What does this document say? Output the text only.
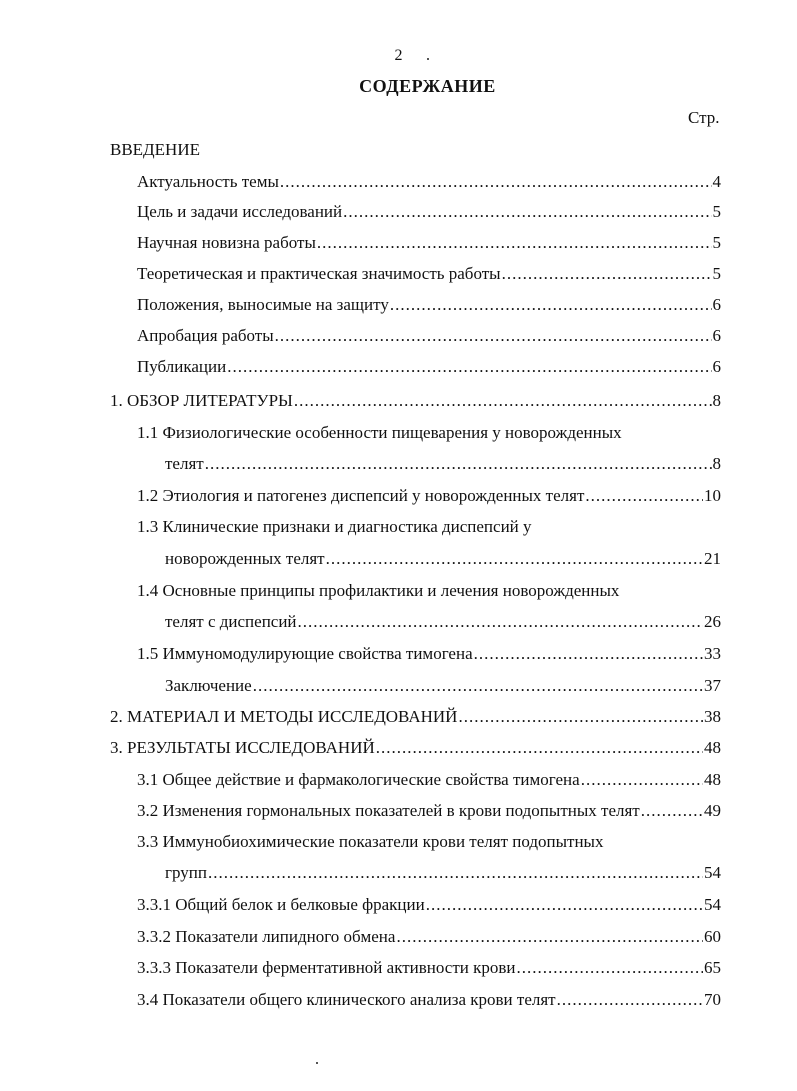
2
СОДЕРЖАНИЕ
Стр.
ВВЕДЕНИЕ
Актуальность темы .....	4
Цель и задачи исследований .....	5
Научная новизна работы .....	5
Теоретическая и практическая значимость работы .....	5
Положения, выносимые на защиту .....	6
Апробация работы .....	6
Публикации .....	6
1. ОБЗОР ЛИТЕРАТУРЫ .....	8
1.1 Физиологические особенности пищеварения у новорожденных
телят .....	8
1.2 Этиология и патогенез диспепсий у новорожденных телят .....	10
1.3 Клинические признаки и диагностика диспепсий у
новорожденных телят .....	21
1.4 Основные принципы профилактики и лечения новорожденных
телят с диспепсий .....	26
1.5 Иммуномодулирующие свойства тимогена .....	33
Заключение .....	37
2. МАТЕРИАЛ И МЕТОДЫ ИССЛЕДОВАНИЙ .....	38
3. РЕЗУЛЬТАТЫ ИССЛЕДОВАНИЙ .....	48
3.1 Общее действие и фармакологические свойства тимогена .....	48
3.2 Изменения гормональных показателей в крови подопытных телят .....	49
3.3 Иммунобиохимические показатели крови телят подопытных
групп .....	54
3.3.1 Общий белок и белковые фракции .....	54
3.3.2 Показатели липидного обмена .....	60
3.3.3 Показатели ферментативной активности крови .....	65
3.4 Показатели общего клинического анализа крови телят .....	70
